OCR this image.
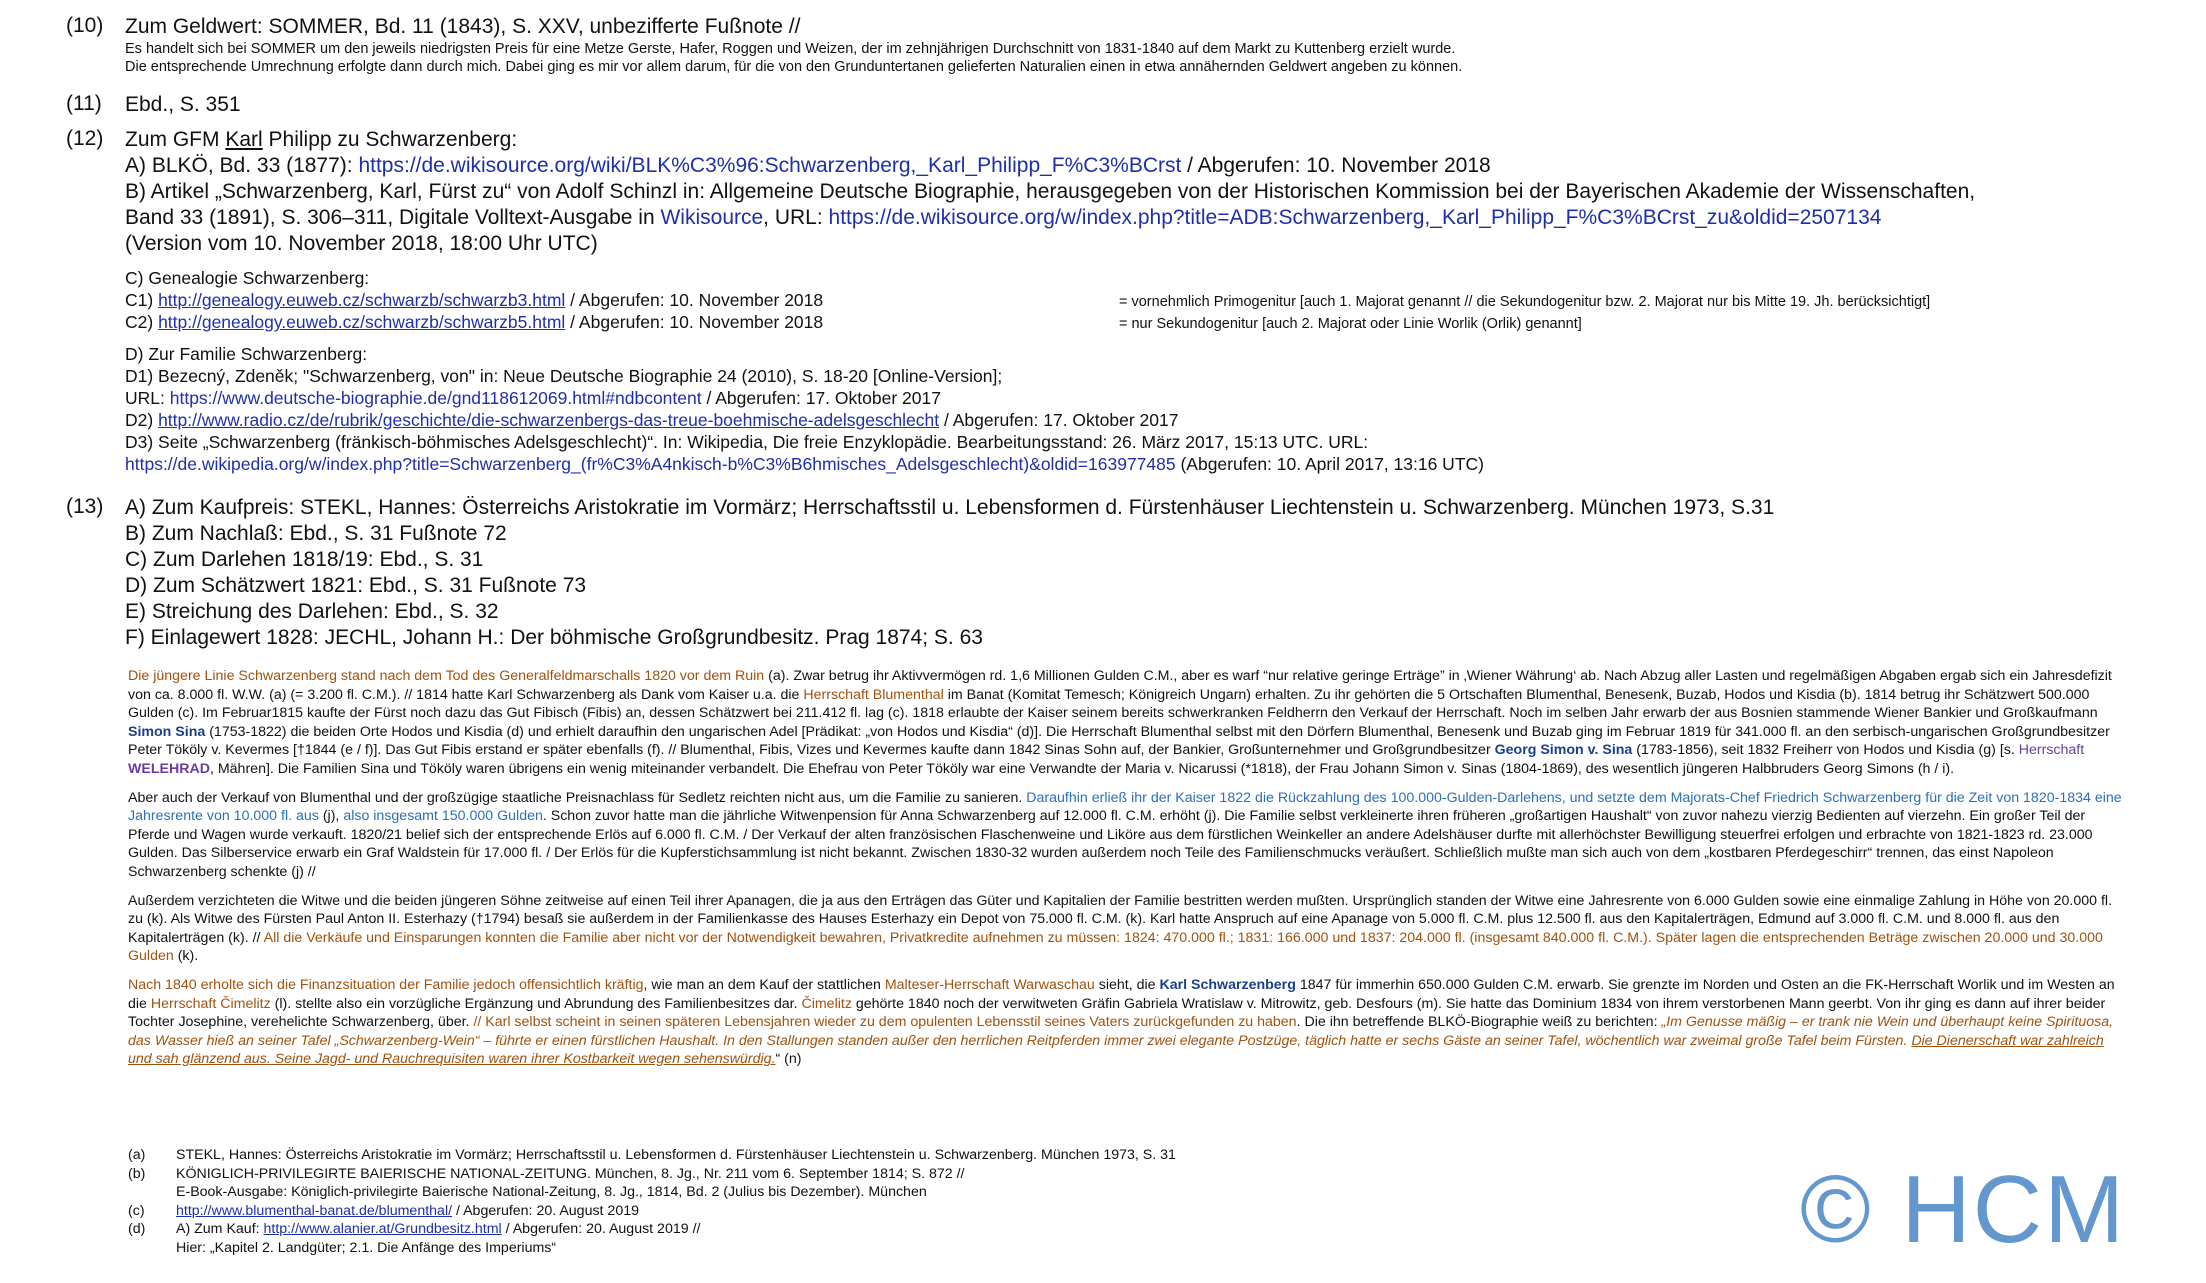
(10) Zum Geldwert: SOMMER, Bd. 11 (1843), S. XXV, unbezifferte Fußnote //
Es handelt sich bei SOMMER um den jeweils niedrigsten Preis für eine Metze Gerste, Hafer, Roggen und Weizen, der im zehnjährigen Durchschnitt von 1831-1840 auf dem Markt zu Kuttenberg erzielt wurde.
Die entsprechende Umrechnung erfolgte dann durch mich. Dabei ging es mir vor allem darum, für die von den Grunduntertanen gelieferten Naturalien einen in etwa annähernden Geldwert angeben zu können.
(11) Ebd., S. 351
(12) Zum GFM Karl Philipp zu Schwarzenberg:
A) BLKÖ, Bd. 33 (1877): https://de.wikisource.org/wiki/BLK%C3%96:Schwarzenberg,_Karl_Philipp_F%C3%BCrst / Abgerufen: 10. November 2018
B) Artikel „Schwarzenberg, Karl, Fürst zu“ von Adolf Schinzl in: Allgemeine Deutsche Biographie, herausgegeben von der Historischen Kommission bei der Bayerischen Akademie der Wissenschaften,
Band 33 (1891), S. 306–311, Digitale Volltext-Ausgabe in Wikisource, URL: https://de.wikisource.org/w/index.php?title=ADB:Schwarzenberg,_Karl_Philipp_F%C3%BCrst_zu&oldid=2507134
(Version vom 10. November 2018, 18:00 Uhr UTC)
C) Genealogie Schwarzenberg:
C1) http://genealogy.euweb.cz/schwarzb/schwarzb3.html / Abgerufen: 10. November 2018	= vornehmlich Primogenitur [auch 1. Majorat genannt // die Sekundogenitur bzw. 2. Majorat nur bis Mitte 19. Jh. berücksichtigt]
C2) http://genealogy.euweb.cz/schwarzb/schwarzb5.html / Abgerufen: 10. November 2018	= nur Sekundogenitur [auch 2. Majorat oder Linie Worlik (Orlik) genannt]
D) Zur Familie Schwarzenberg:
D1) Bezecný, Zdeněk; "Schwarzenberg, von" in: Neue Deutsche Biographie 24 (2010), S. 18-20 [Online-Version];
URL: https://www.deutsche-biographie.de/gnd118612069.html#ndbcontent / Abgerufen: 17. Oktober 2017
D2) http://www.radio.cz/de/rubrik/geschichte/die-schwarzenbergs-das-treue-boehmische-adelsgeschlecht / Abgerufen: 17. Oktober 2017
D3) Seite „Schwarzenberg (fränkisch-böhmisches Adelsgeschlecht)“. In: Wikipedia, Die freie Enzyklopädie. Bearbeitungsstand: 26. März 2017, 15:13 UTC. URL:
https://de.wikipedia.org/w/index.php?title=Schwarzenberg_(fr%C3%A4nkisch-b%C3%B6hmisches_Adelsgeschlecht)&oldid=163977485 (Abgerufen: 10. April 2017, 13:16 UTC)
(13) A) Zum Kaufpreis: STEKL, Hannes: Österreichs Aristokratie im Vormärz; Herrschaftsstil u. Lebensformen d. Fürstenhäuser Liechtenstein u. Schwarzenberg. München 1973, S.31
B) Zum Nachlaß: Ebd., S. 31 Fußnote 72
C) Zum Darlehen 1818/19: Ebd., S. 31
D) Zum Schätzwert 1821: Ebd., S. 31 Fußnote 73
E) Streichung des Darlehen: Ebd., S. 32
F) Einlagewert 1828: JECHL, Johann H.: Der böhmische Großgrundbesitz. Prag 1874; S. 63

Die jüngere Linie Schwarzenberg stand nach dem Tod des Generalfeldmarschalls 1820 vor dem Ruin (a). Zwar betrug ihr Aktivvermögen rd. 1,6 Millionen Gulden C.M., aber es warf “nur relative geringe Erträge” in ‚Wiener Währung‘ ab. Nach Abzug aller Lasten und regelmäßigen Abgaben ergab sich ein Jahresdefizit von ca. 8.000 fl. W.W. (a) (= 3.200 fl. C.M.). // 1814 hatte Karl Schwarzenberg als Dank vom Kaiser u.a. die Herrschaft Blumenthal im Banat (Komitat Temesch; Königreich Ungarn) erhalten. Zu ihr gehörten die 5 Ortschaften Blumenthal, Benesenk, Buzab, Hodos und Kisdia (b). 1814 betrug ihr Schätzwert 500.000 Gulden (c). Im Februar1815 kaufte der Fürst noch dazu das Gut Fibisch (Fibis) an, dessen Schätzwert bei 211.412 fl. lag (c). 1818 erlaubte der Kaiser seinem bereits schwerkranken Feldherrn den Verkauf der Herrschaft. Noch im selben Jahr erwarb der aus Bosnien stammende Wiener Bankier und Großkaufmann Simon Sina (1753-1822) die beiden Orte Hodos und Kisdia (d) und erhielt daraufhin den ungarischen Adel [Prädikat: „von Hodos und Kisdia“ (d)]. Die Herrschaft Blumenthal selbst mit den Dörfern Blumenthal, Benesenk und Buzab ging im Februar 1819 für 341.000 fl. an den serbisch-ungarischen Großgrundbesitzer Peter Tököly v. Kevermes [†1844 (e / f)]. Das Gut Fibis erstand er später ebenfalls (f). // Blumenthal, Fibis, Vizes und Kevermes kaufte dann 1842 Sinas Sohn auf, der Bankier, Großunternehmer und Großgrundbesitzer Georg Simon v. Sina (1783-1856), seit 1832 Freiherr von Hodos und Kisdia (g) [s. Herrschaft WELEHRAD, Mähren]. Die Familien Sina und Tököly waren übrigens ein wenig miteinander verbandelt. Die Ehefrau von Peter Tököly war eine Verwandte der Maria v. Nicarussi (*1818), der Frau Johann Simon v. Sinas (1804-1869), des wesentlich jüngeren Halbbruders Georg Simons (h / i).

Aber auch der Verkauf von Blumenthal und der großzügige staatliche Preisnachlass für Sedletz reichten nicht aus, um die Familie zu sanieren. Daraufhin erließ ihr der Kaiser 1822 die Rückzahlung des 100.000-Gulden-Darlehens, und setzte dem Majorats-Chef Friedrich Schwarzenberg für die Zeit von 1820-1834 eine Jahresrente von 10.000 fl. aus (j), also insgesamt 150.000 Gulden. Schon zuvor hatte man die jährliche Witwenpension für Anna Schwarzenberg auf 12.000 fl. C.M. erhöht (j). Die Familie selbst verkleinerte ihren früheren „großartigen Haushalt“ von zuvor nahezu vierzig Bedienten auf vierzehn. Ein großer Teil der Pferde und Wagen wurde verkauft. 1820/21 belief sich der entsprechende Erlös auf 6.000 fl. C.M. / Der Verkauf der alten französischen Flaschenweine und Liköre aus dem fürstlichen Weinkeller an andere Adelshäuser durfte mit allerhöchster Bewilligung steuerfrei erfolgen und erbrachte von 1821-1823 rd. 23.000 Gulden. Das Silberservice erwarb ein Graf Waldstein für 17.000 fl. / Der Erlös für die Kupferstichsammlung ist nicht bekannt. Zwischen 1830-32 wurden außerdem noch Teile des Familienschmucks veräußert. Schließlich mußte man sich auch von dem „kostbaren Pferdegeschirr“ trennen, das einst Napoleon Schwarzenberg schenkte (j) //

Außerdem verzichteten die Witwe und die beiden jüngeren Söhne zeitweise auf einen Teil ihrer Apanagen, die ja aus den Erträgen das Güter und Kapitalien der Familie bestritten werden mußten. Ursprünglich standen der Witwe eine Jahresrente von 6.000 Gulden sowie eine einmalige Zahlung in Höhe von 20.000 fl. zu (k). Als Witwe des Fürsten Paul Anton II. Esterhazy (†1794) besaß sie außerdem in der Familienkasse des Hauses Esterhazy ein Depot von 75.000 fl. C.M. (k). Karl hatte Anspruch auf eine Apanage von 5.000 fl. C.M. plus 12.500 fl. aus den Kapitalerträgen, Edmund auf 3.000 fl. C.M. und 8.000 fl. aus den Kapitalerträgen (k). // All die Verkäufe und Einsparungen konnten die Familie aber nicht vor der Notwendigkeit bewahren, Privatkredite aufnehmen zu müssen: 1824: 470.000 fl.; 1831: 166.000 und 1837: 204.000 fl. (insgesamt 840.000 fl. C.M.). Später lagen die entsprechenden Beträge zwischen 20.000 und 30.000 Gulden (k).

Nach 1840 erholte sich die Finanzsituation der Familie jedoch offensichtlich kräftig, wie man an dem Kauf der stattlichen Malteser-Herrschaft Warwaschau sieht, die Karl Schwarzenberg 1847 für immerhin 650.000 Gulden C.M. erwarb. Sie grenzte im Norden und Osten an die FK-Herrschaft Worlik und im Westen an die Herrschaft Čimelitz (l). stellte also ein vorzügliche Ergänzung und Abrundung des Familienbesitzes dar. Čimelitz gehörte 1840 noch der verwitweten Gräfin Gabriela Wratislaw v. Mitrowitz, geb. Desfours (m). Sie hatte das Dominium 1834 von ihrem verstorbenen Mann geerbt. Von ihr ging es dann auf ihrer beider Tochter Josephine, verehelichte Schwarzenberg, über. // Karl selbst scheint in seinen späteren Lebensjahren wieder zu dem opulenten Lebensstil seines Vaters zurückgefunden zu haben. Die ihn betreffende BLKÖ-Biographie weiß zu berichten: „Im Genusse mäßig – er trank nie Wein und überhaupt keine Spirituosa, das Wasser hieß an seiner Tafel „Schwarzenberg-Wein“ – führte er einen fürstlichen Haushalt. In den Stallungen standen außer den herrlichen Reitpferden immer zwei elegante Postzüge, täglich hatte er sechs Gäste an seiner Tafel, wöchentlich war zweimal große Tafel beim Fürsten. Die Dienerschaft war zahlreich und sah glänzend aus. Seine Jagd- und Rauchrequisiten waren ihrer Kostbarkeit wegen sehenswürdig.“ (n)

(a) STEKL, Hannes: Österreichs Aristokratie im Vormärz; Herrschaftsstil u. Lebensformen d. Fürstenhäuser Liechtenstein u. Schwarzenberg. München 1973, S. 31
(b) KÖNIGLICH-PRIVILEGIRTE BAIERISCHE NATIONAL-ZEITUNG. München, 8. Jg., Nr. 211 vom 6. September 1814; S. 872 //
E-Book-Ausgabe: Königlich-privilegirte Baierische National-Zeitung, 8. Jg., 1814, Bd. 2 (Julius bis Dezember). München
(c) http://www.blumenthal-banat.de/blumenthal/ / Abgerufen: 20. August 2019
(d) A) Zum Kauf: http://www.alanier.at/Grundbesitz.html / Abgerufen: 20. August 2019 //
Hier: „Kapitel 2. Landgüter; 2.1. Die Anfänge des Imperiums“	© HCM
